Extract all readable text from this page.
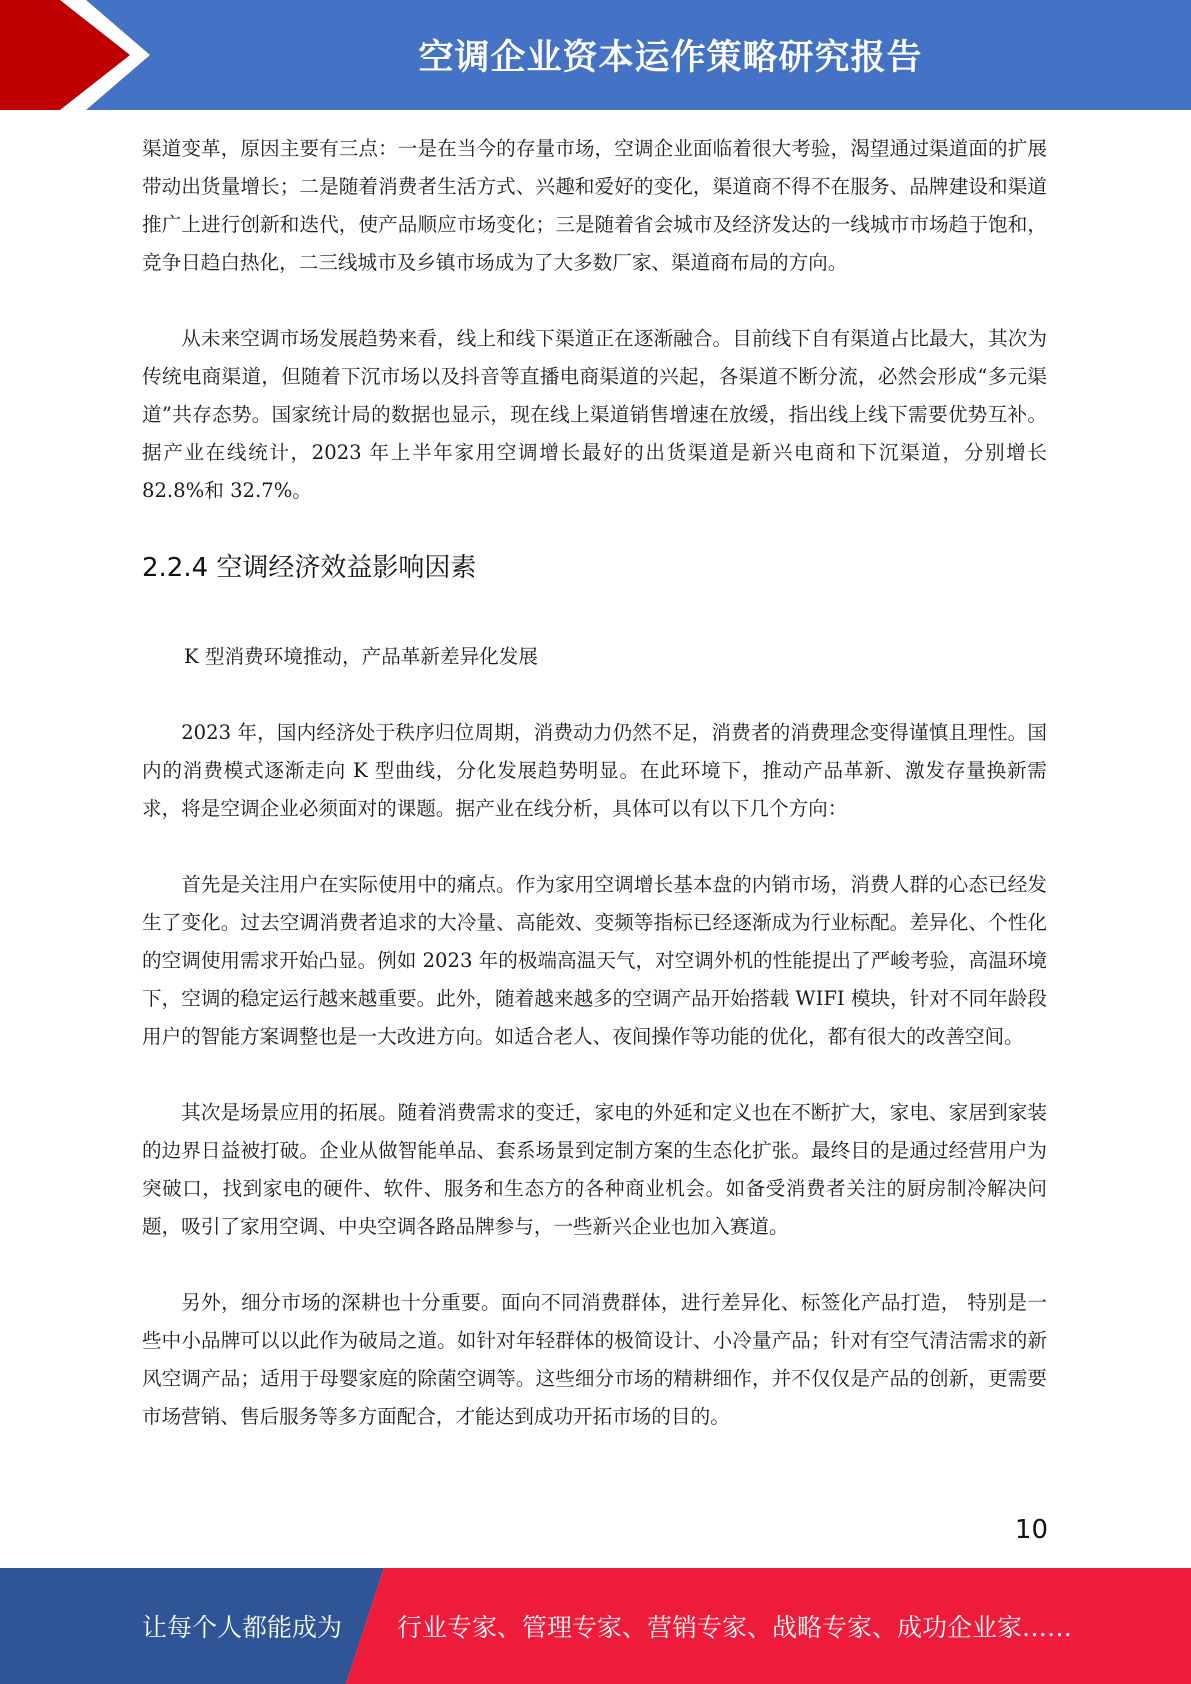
空调企业资本运作策略研究报告

渠道变革，原因主要有三点：一是在当今的存量市场，空调企业面临着很大考验，渴望通过渠道面的扩展带动出货量增长；二是随着消费者生活方式、兴趣和爱好的变化，渠道商不得不在服务、品牌建设和渠道推广上进行创新和迭代，使产品顺应市场变化；三是随着省会城市及经济发达的一线城市市场趋于饱和，竞争日趋白热化，二三线城市及乡镇市场成为了大多数厂家、渠道商布局的方向。

从未来空调市场发展趋势来看，线上和线下渠道正在逐渐融合。目前线下自有渠道占比最大，其次为传统电商渠道，但随着下沉市场以及抖音等直播电商渠道的兴起，各渠道不断分流，必然会形成“多元渠道”共存态势。国家统计局的数据也显示，现在线上渠道销售增速在放缓，指出线上线下需要优势互补。据产业在线统计，2023 年上半年家用空调增长最好的出货渠道是新兴电商和下沉渠道，分别增长 82.8%和 32.7%。

2.2.4 空调经济效益影响因素
K 型消费环境推动，产品革新差异化发展

2023 年，国内经济处于秩序归位周期，消费动力仍然不足，消费者的消费理念变得谨慎且理性。国内的消费模式逐渐走向 K 型曲线，分化发展趋势明显。在此环境下，推动产品革新、激发存量换新需求，将是空调企业必须面对的课题。据产业在线分析，具体可以有以下几个方向：

首先是关注用户在实际使用中的痛点。作为家用空调增长基本盘的内销市场，消费人群的心态已经发生了变化。过去空调消费者追求的大冷量、高能效、变频等指标已经逐渐成为行业标配。差异化、个性化的空调使用需求开始凸显。例如 2023 年的极端高温天气，对空调外机的性能提出了严峻考验，高温环境下，空调的稳定运行越来越重要。此外，随着越来越多的空调产品开始搭载 WIFI 模块，针对不同年龄段用户的智能方案调整也是一大改进方向。如适合老人、夜间操作等功能的优化，都有很大的改善空间。

其次是场景应用的拓展。随着消费需求的变迁，家电的外延和定义也在不断扩大，家电、家居到家装的边界日益被打破。企业从做智能单品、套系场景到定制方案的生态化扩张。最终目的是通过经营用户为突破口，找到家电的硬件、软件、服务和生态方的各种商业机会。如备受消费者关注的厨房制冷解决问题，吸引了家用空调、中央空调各路品牌参与，一些新兴企业也加入赛道。

另外，细分市场的深耕也十分重要。面向不同消费群体，进行差异化、标签化产品打造， 特别是一些中小品牌可以以此作为破局之道。如针对年轻群体的极简设计、小冷量产品；针对有空气清洁需求的新风空调产品；适用于母婴家庭的除菌空调等。这些细分市场的精耕细作，并不仅仅是产品的创新，更需要市场营销、售后服务等多方面配合，才能达到成功开拓市场的目的。

10
让每个人都能成为 行业专家、管理专家、营销专家、战略专家、成功企业家……
